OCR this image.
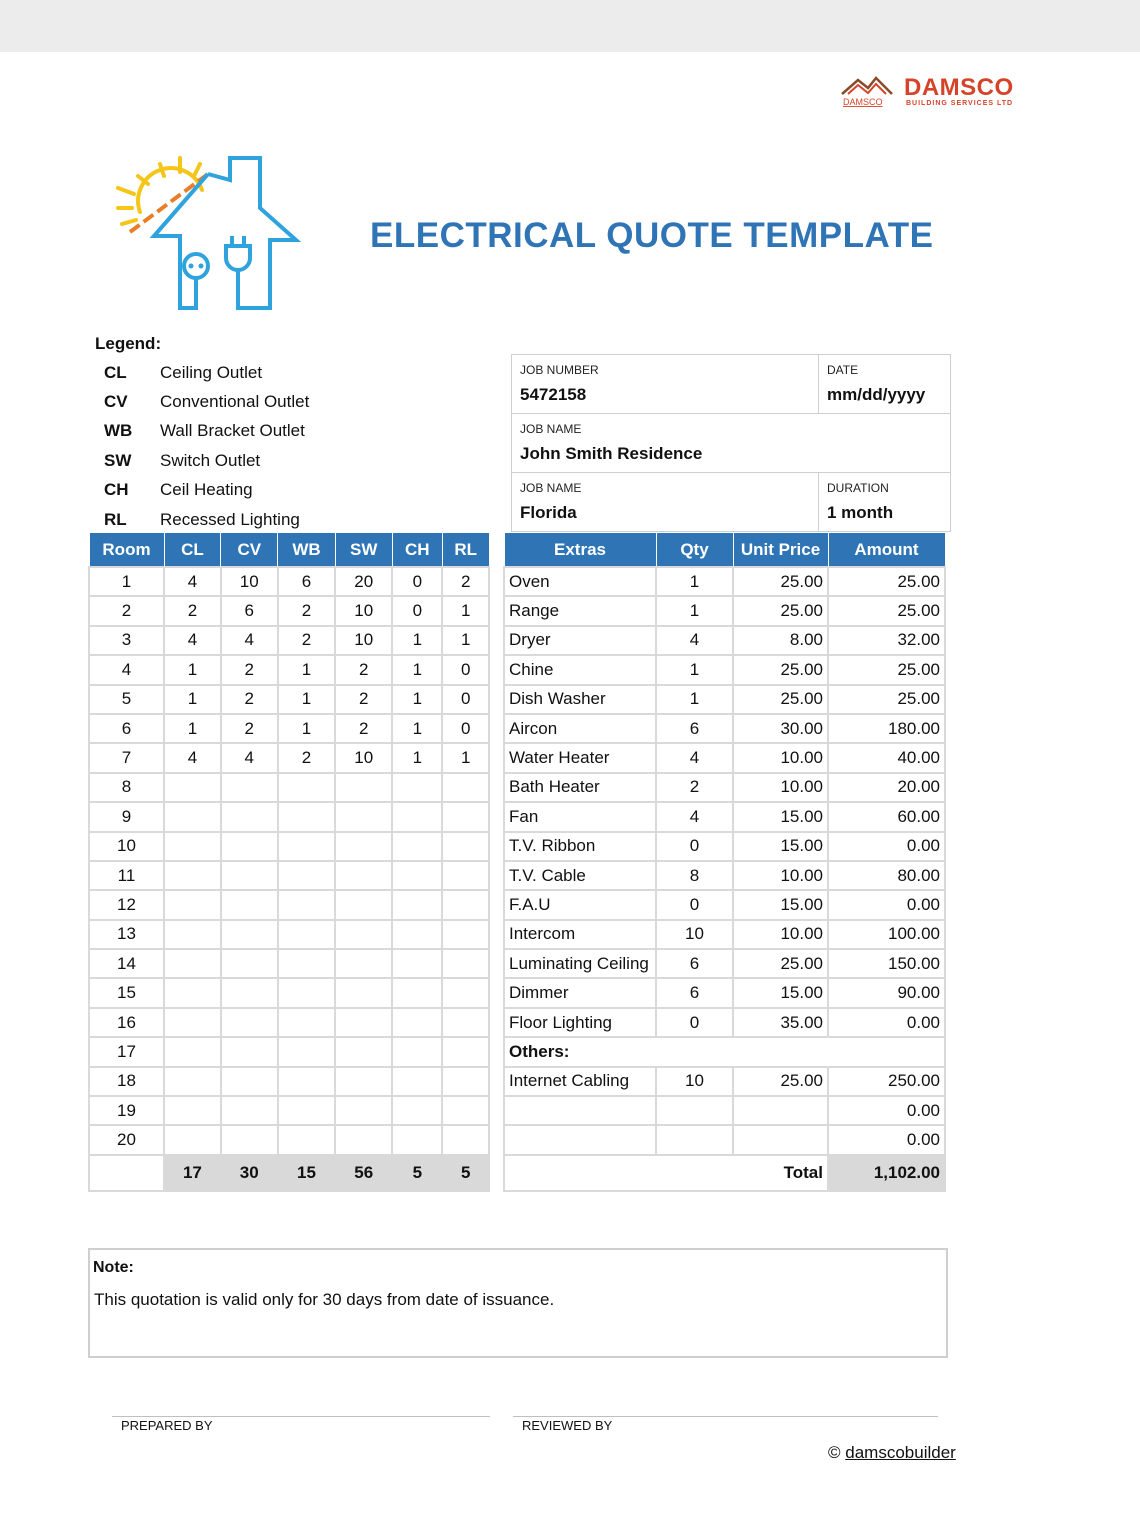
DAMSCO
DAMSCO
BUILDING SERVICES LTD
ELECTRICAL QUOTE TEMPLATE
Legend:
CL	Ceiling Outlet
CV	Conventional Outlet
WB	Wall Bracket Outlet
SW	Switch Outlet
CH	Ceil Heating
RL	Recessed Lighting
JOB NUMBER
5472158	DATE
mm/dd/yyyy

JOB NAME
John Smith Residence	

JOB NAME
Florida	DURATION
1 month
Room	CL	CV	WB	SW	CH	RL
1	4	10	6	20	0	2
2	2	6	2	10	0	1
3	4	4	2	10	1	1
4	1	2	1	2	1	0
5	1	2	1	2	1	0
6	1	2	1	2	1	0
7	4	4	2	10	1	1
8						
9						
10						
11						
12						
13						
14						
15						
16						
17						
18						
19						
20						
	17	30	15	56	5	5
Extras	Qty	Unit Price	Amount
Oven	1	25.00	25.00
Range	1	25.00	25.00
Dryer	4	8.00	32.00
Chine	1	25.00	25.00
Dish Washer	1	25.00	25.00
Aircon	6	30.00	180.00
Water Heater	4	10.00	40.00
Bath Heater	2	10.00	20.00
Fan	4	15.00	60.00
T.V. Ribbon	0	15.00	0.00
T.V. Cable	8	10.00	80.00
F.A.U	0	15.00	0.00
Intercom	10	10.00	100.00
Luminating Ceiling	6	25.00	150.00
Dimmer	6	15.00	90.00
Floor Lighting	0	35.00	0.00
Others:			
Internet Cabling	10	25.00	250.00
			0.00
			0.00
		Total	1,102.00
Note:
This quotation is valid only for 30 days from date of issuance.
PREPARED BY	REVIEWED BY
© damscobuilder
